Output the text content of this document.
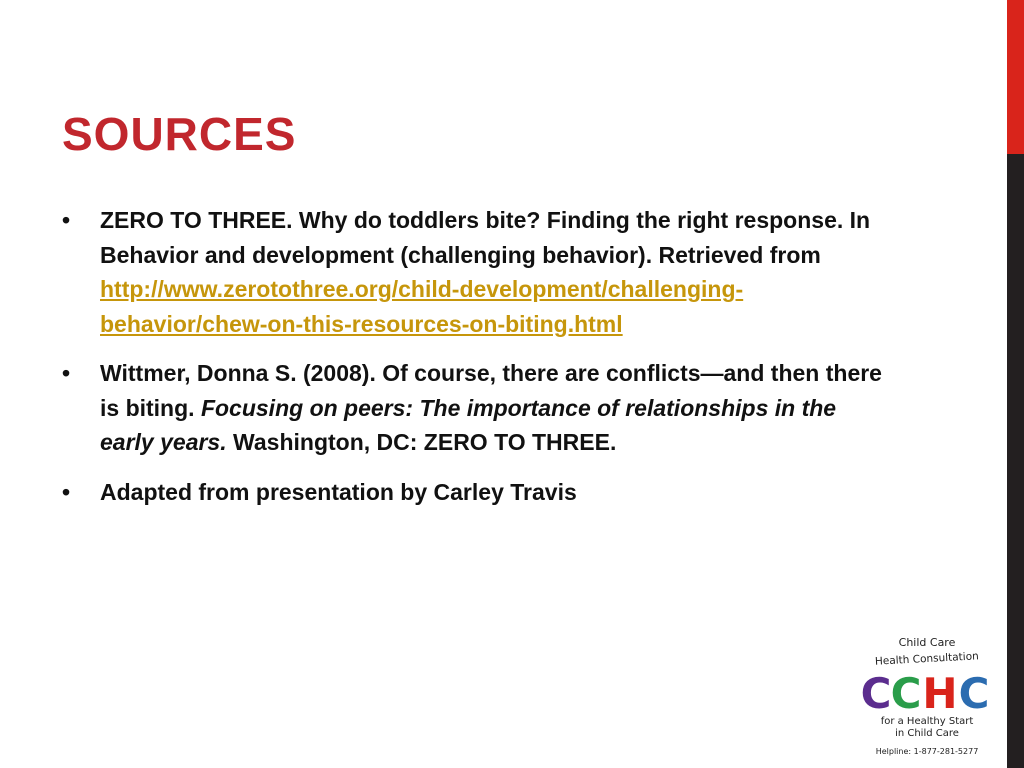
SOURCES
•	ZERO TO THREE. Why do toddlers bite? Finding the right response. In Behavior and development (challenging behavior). Retrieved from http://www.zerotothree.org/child-development/challenging-behavior/chew-on-this-resources-on-biting.html
•	Wittmer, Donna S. (2008). Of course, there are conflicts—and then there is biting. Focusing on peers: The importance of relationships in the early years. Washington, DC: ZERO TO THREE.
•	Adapted from presentation by Carley Travis
Child Care
Health Consultation
C C H C
for a Healthy Start
in Child Care
Helpline: 1-877-281-5277
